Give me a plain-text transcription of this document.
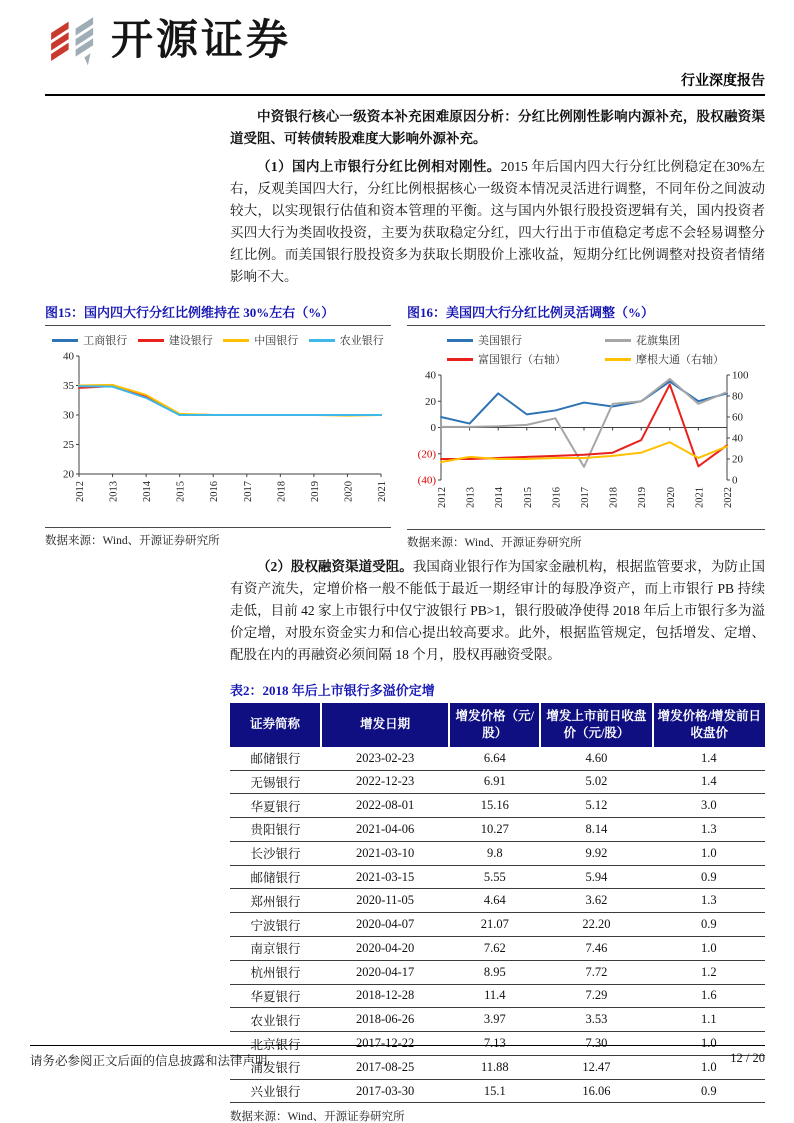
开源证券
行业深度报告

中资银行核心一级资本补充困难原因分析：分红比例刚性影响内源补充，股权融资渠道受阻、可转债转股难度大影响外源补充。

（1）国内上市银行分红比例相对刚性。2015 年后国内四大行分红比例稳定在30%左右，反观美国四大行，分红比例根据核心一级资本情况灵活进行调整，不同年份之间波动较大，以实现银行估值和资本管理的平衡。这与国内外银行股投资逻辑有关，国内投资者买四大行为类固收投资，主要为获取稳定分红，四大行出于市值稳定考虑不会轻易调整分红比例。而美国银行股投资多为获取长期股价上涨收益，短期分红比例调整对投资者情绪影响不大。

图15：国内四大行分红比例维持在 30%左右（%）
工商银行	建设银行	中国银行	农业银行
20
25
30
35
40
2012 2013 2014 2015 2016 2017 2018 2019 2020 2021
数据来源：Wind、开源证券研究所
图16：美国四大行分红比例灵活调整（%）
美国银行	花旗集团
富国银行（右轴）	摩根大通（右轴）
(40)
(20)
0
20
40
0
20
40
60
80
100
2012 2013 2014 2015 2016 2017 2018 2019 2020 2021 2022
数据来源：Wind、开源证券研究所

（2）股权融资渠道受阻。我国商业银行作为国家金融机构，根据监管要求，为防止国有资产流失，定增价格一般不能低于最近一期经审计的每股净资产，而上市银行 PB 持续走低，目前 42 家上市银行中仅宁波银行 PB>1，银行股破净使得 2018 年后上市银行多为溢价定增，对股东资金实力和信心提出较高要求。此外，根据监管规定，包括增发、定增、配股在内的再融资必须间隔 18 个月，股权再融资受限。

表2：2018 年后上市银行多溢价定增
证券简称	增发日期	增发价格（元/股）	增发上市前日收盘价（元/股）	增发价格/增发前日收盘价
邮储银行	2023-02-23	6.64	4.60	1.4
无锡银行	2022-12-23	6.91	5.02	1.4
华夏银行	2022-08-01	15.16	5.12	3.0
贵阳银行	2021-04-06	10.27	8.14	1.3
长沙银行	2021-03-10	9.8	9.92	1.0
邮储银行	2021-03-15	5.55	5.94	0.9
郑州银行	2020-11-05	4.64	3.62	1.3
宁波银行	2020-04-07	21.07	22.20	0.9
南京银行	2020-04-20	7.62	7.46	1.0
杭州银行	2020-04-17	8.95	7.72	1.2
华夏银行	2018-12-28	11.4	7.29	1.6
农业银行	2018-06-26	3.97	3.53	1.1
北京银行	2017-12-22	7.13	7.30	1.0
浦发银行	2017-08-25	11.88	12.47	1.0
兴业银行	2017-03-30	15.1	16.06	0.9
数据来源：Wind、开源证券研究所
请务必参阅正文后面的信息披露和法律声明	12 / 20
